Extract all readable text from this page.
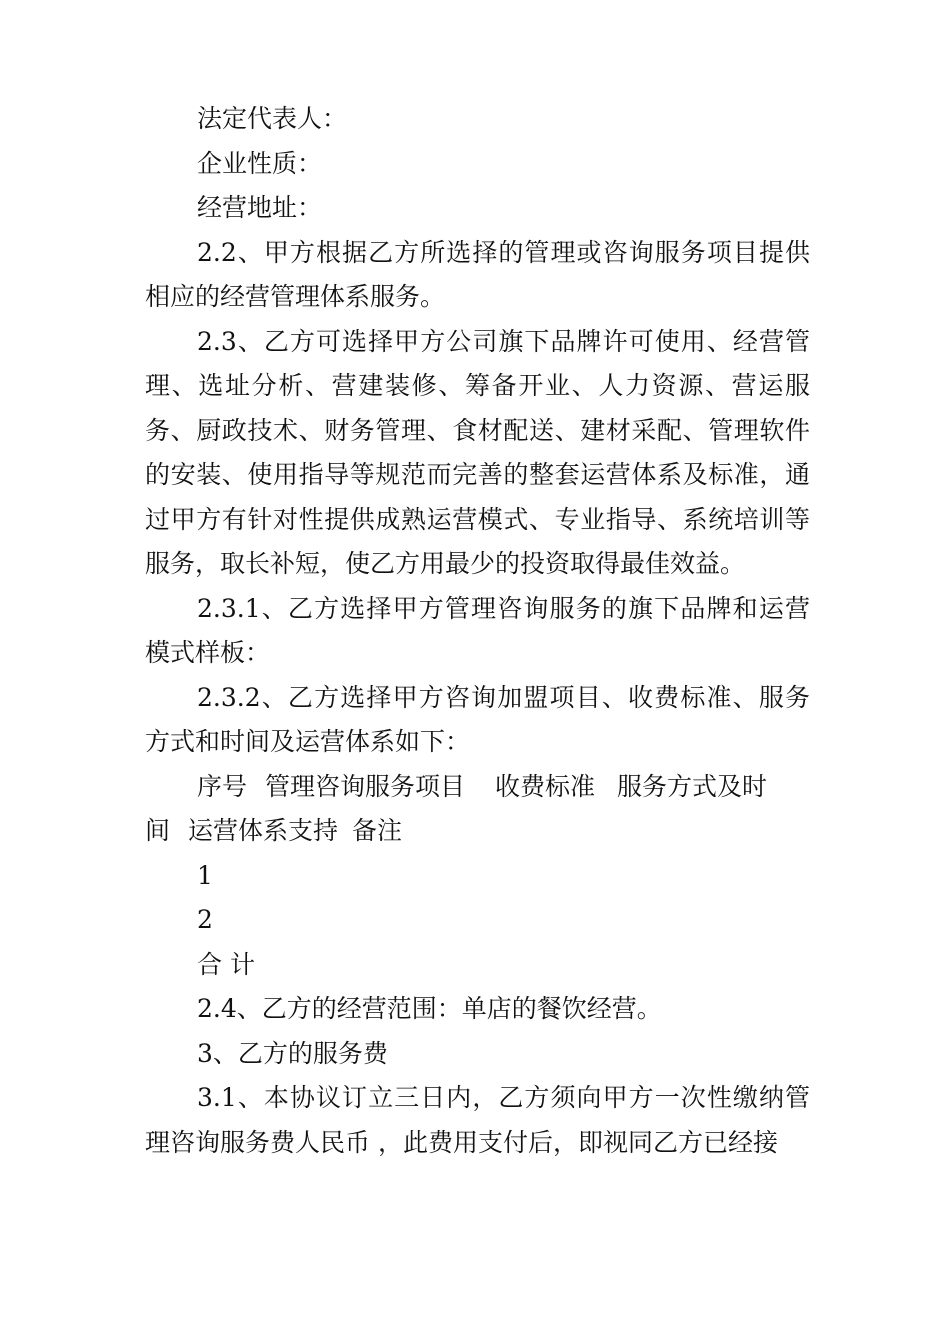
法定代表人：

企业性质：

经营地址：

2.2、甲方根据乙方所选择的管理或咨询服务项目提供相应的经营管理体系服务。

2.3、乙方可选择甲方公司旗下品牌许可使用、经营管理、选址分析、营建装修、筹备开业、人力资源、营运服务、厨政技术、财务管理、食材配送、建材采配、管理软件的安装、使用指导等规范而完善的整套运营体系及标准，通过甲方有针对性提供成熟运营模式、专业指导、系统培训等服务，取长补短，使乙方用最少的投资取得最佳效益。

2.3.1、乙方选择甲方管理咨询服务的旗下品牌和运营模式样板：

2.3.2、乙方选择甲方咨询加盟项目、收费标准、服务方式和时间及运营体系如下：

序号 管理咨询服务项目 收费标准 服务方式及时间 运营体系支持 备注

1

2

合 计

2.4、乙方的经营范围：单店的餐饮经营。

3、乙方的服务费

3.1、本协议订立三日内，乙方须向甲方一次性缴纳管理咨询服务费人民币 ，此费用支付后，即视同乙方已经接
